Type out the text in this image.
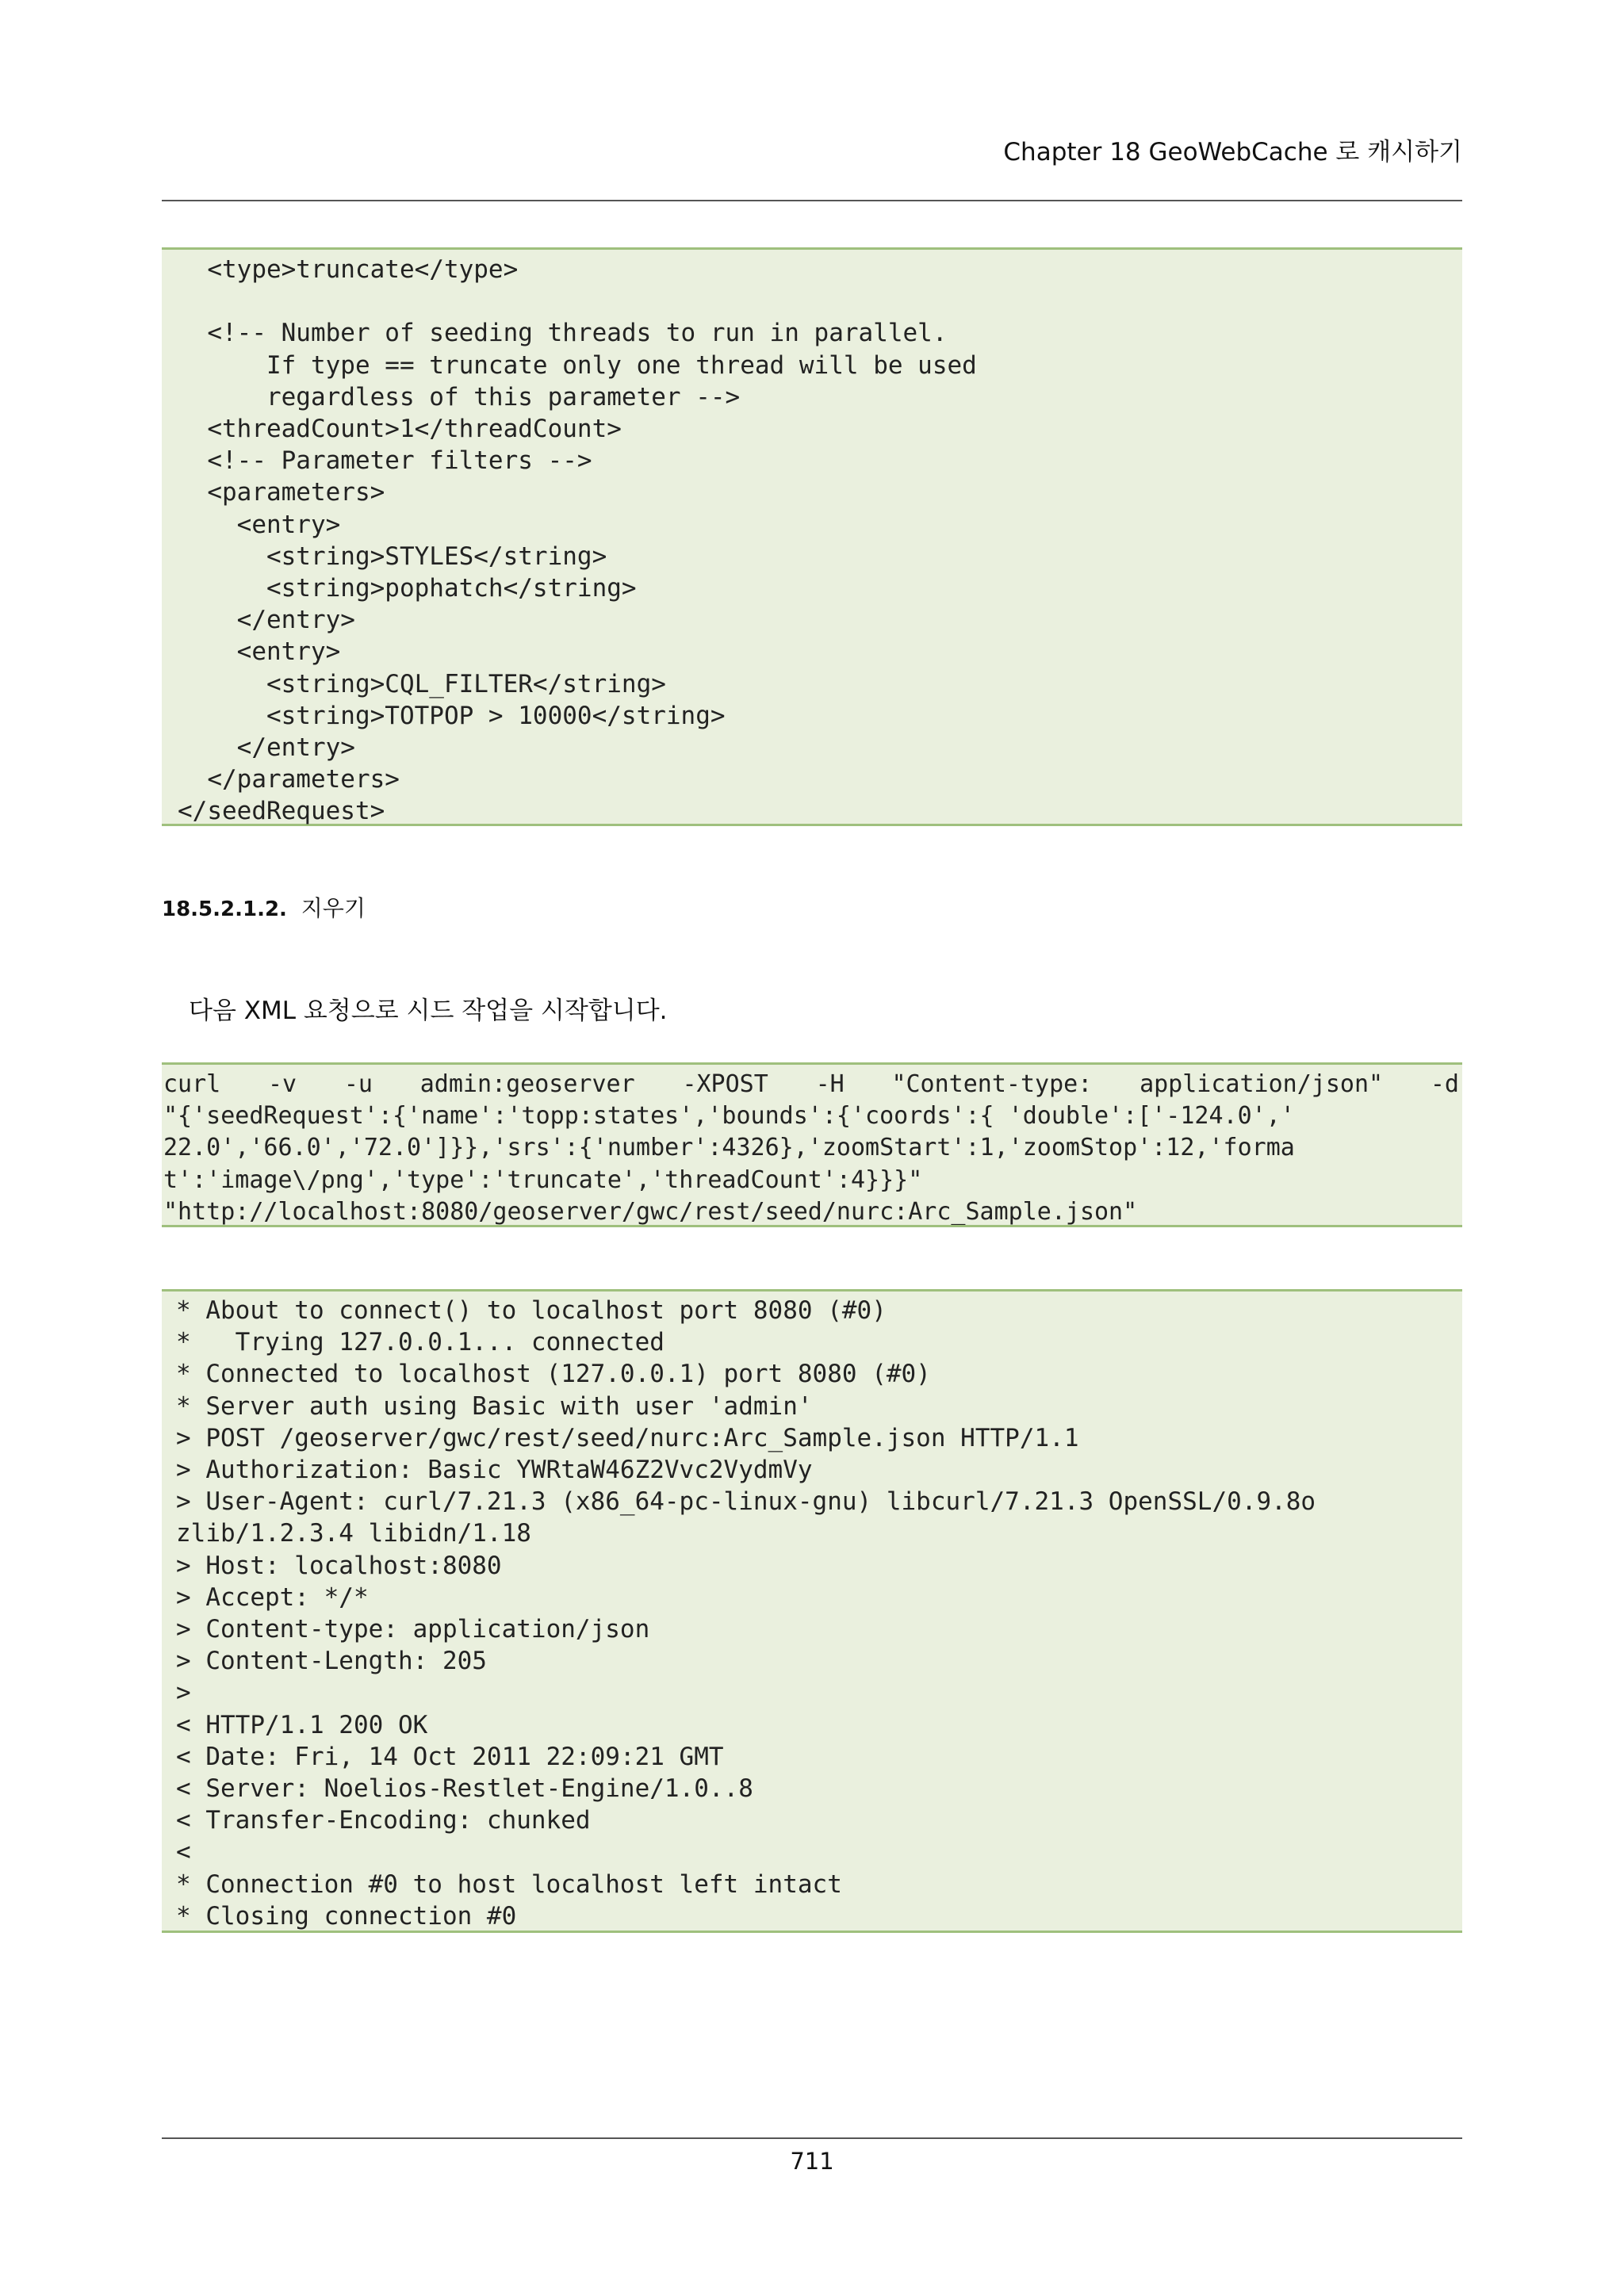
Chapter 18 GeoWebCache 로 캐시하기
<type>truncate</type>

<!-- Number of seeding threads to run in parallel.
If type == truncate only one thread will be used
regardless of this parameter -->
<threadCount>1</threadCount>
<!-- Parameter filters -->
<parameters>
<entry>
<string>STYLES</string>
<string>pophatch</string>
</entry>
<entry>
<string>CQL_FILTER</string>
<string>TOTPOP > 10000</string>
</entry>
</parameters>
</seedRequest>
18.5.2.1.2. 지우기
다음 XML 요청으로 시드 작업을 시작합니다.
curl -v -u admin:geoserver -XPOST -H "Content-type: application/json" -d
"{'seedRequest':{'name':'topp:states','bounds':{'coords':{ 'double':['-124.0','
22.0','66.0','72.0']}},'srs':{'number':4326},'zoomStart':1,'zoomStop':12,'forma
t':'image\/png','type':'truncate','threadCount':4}}}"
"http://localhost:8080/geoserver/gwc/rest/seed/nurc:Arc_Sample.json"
* About to connect() to localhost port 8080 (#0)
*   Trying 127.0.0.1... connected
* Connected to localhost (127.0.0.1) port 8080 (#0)
* Server auth using Basic with user 'admin'
> POST /geoserver/gwc/rest/seed/nurc:Arc_Sample.json HTTP/1.1
> Authorization: Basic YWRtaW46Z2Vvc2VydmVy
> User-Agent: curl/7.21.3 (x86_64-pc-linux-gnu) libcurl/7.21.3 OpenSSL/0.9.8o
zlib/1.2.3.4 libidn/1.18
> Host: localhost:8080
> Accept: */*
> Content-type: application/json
> Content-Length: 205
>
< HTTP/1.1 200 OK
< Date: Fri, 14 Oct 2011 22:09:21 GMT
< Server: Noelios-Restlet-Engine/1.0..8
< Transfer-Encoding: chunked
<
* Connection #0 to host localhost left intact
* Closing connection #0
711
